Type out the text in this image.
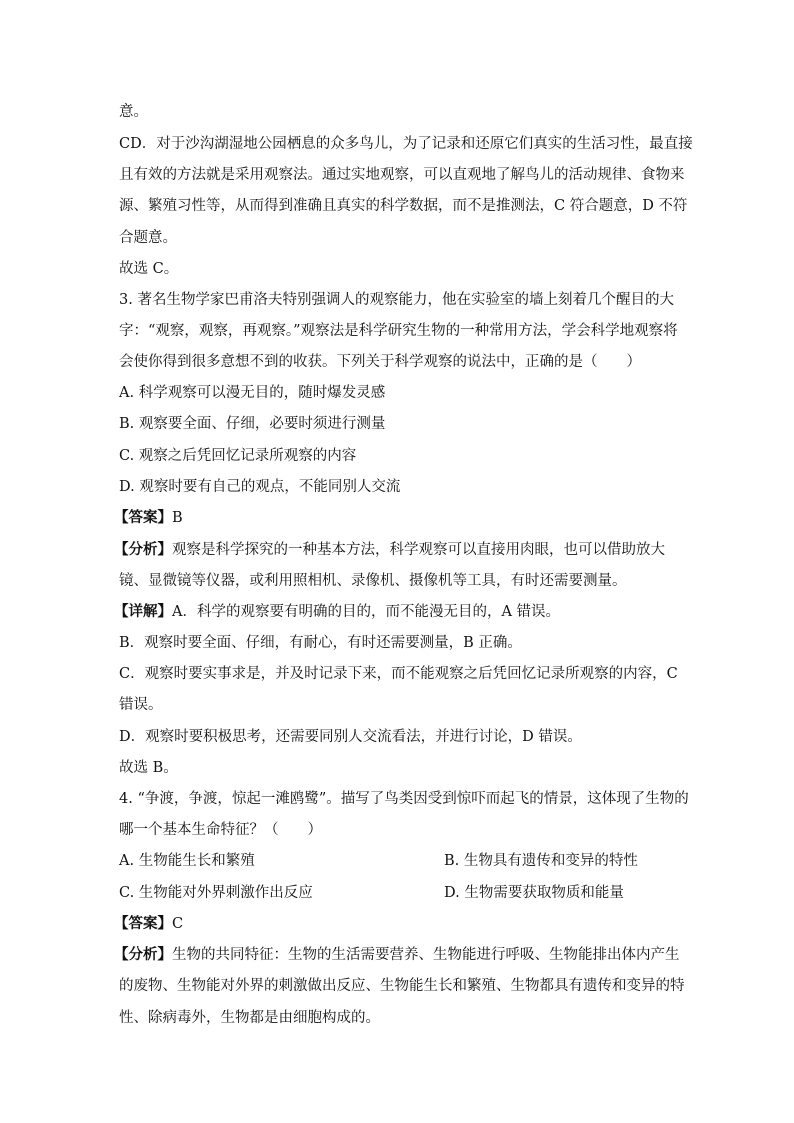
意。
CD．对于沙沟湖湿地公园栖息的众多鸟儿，为了记录和还原它们真实的生活习性，最直接
且有效的方法就是采用观察法。通过实地观察，可以直观地了解鸟儿的活动规律、食物来
源、繁殖习性等，从而得到准确且真实的科学数据，而不是推测法，C 符合题意，D 不符
合题意。
故选 C。
3. 著名生物学家巴甫洛夫特别强调人的观察能力，他在实验室的墙上刻着几个醒目的大
字：“观察，观察，再观察。”观察法是科学研究生物的一种常用方法，学会科学地观察将
会使你得到很多意想不到的收获。下列关于科学观察的说法中，正确的是（　　）
A. 科学观察可以漫无目的，随时爆发灵感
B. 观察要全面、仔细，必要时须进行测量
C. 观察之后凭回忆记录所观察的内容
D. 观察时要有自己的观点，不能同别人交流
【答案】B
【分析】观察是科学探究的一种基本方法，科学观察可以直接用肉眼，也可以借助放大
镜、显微镜等仪器，或利用照相机、录像机、摄像机等工具，有时还需要测量。
【详解】A．科学的观察要有明确的目的，而不能漫无目的，A 错误。
B．观察时要全面、仔细，有耐心，有时还需要测量，B 正确。
C．观察时要实事求是，并及时记录下来，而不能观察之后凭回忆记录所观察的内容，C
错误。
D．观察时要积极思考，还需要同别人交流看法，并进行讨论，D 错误。
故选 B。
4. “争渡，争渡，惊起一滩鸥鹭”。描写了鸟类因受到惊吓而起飞的情景，这体现了生物的
哪一个基本生命特征？（　　）
A. 生物能生长和繁殖	B. 生物具有遗传和变异的特性
C. 生物能对外界刺激作出反应	D. 生物需要获取物质和能量
【答案】C
【分析】生物的共同特征：生物的生活需要营养、生物能进行呼吸、生物能排出体内产生
的废物、生物能对外界的刺激做出反应、生物能生长和繁殖、生物都具有遗传和变异的特
性、除病毒外，生物都是由细胞构成的。
